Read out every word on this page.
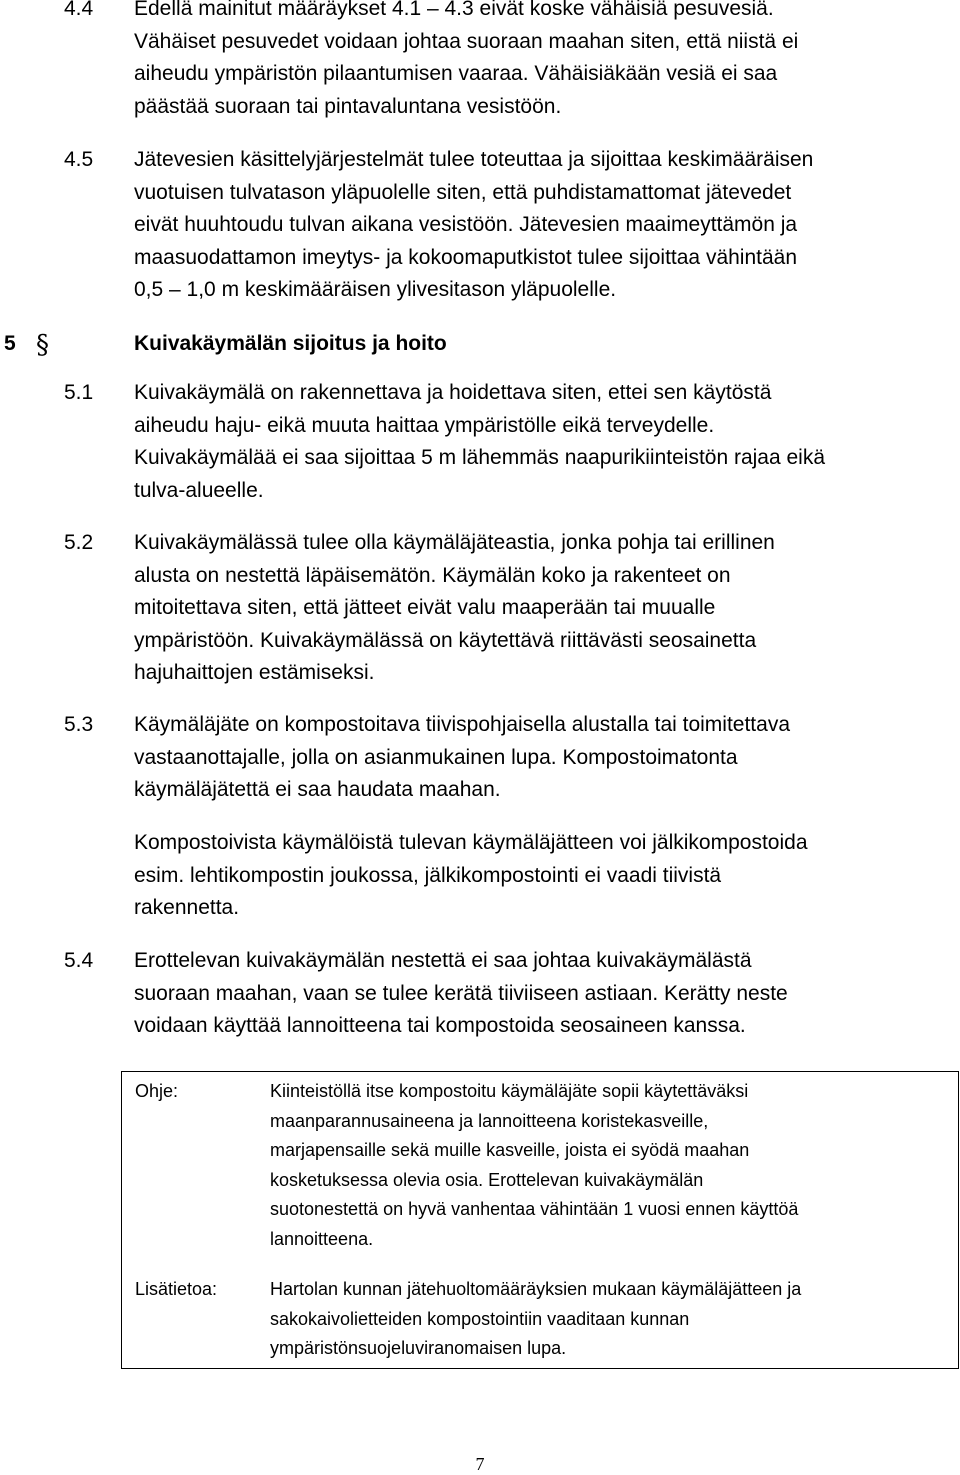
4.4 Edellä mainitut määräykset 4.1 – 4.3 eivät koske vähäisiä pesuvesiä.
Vähäiset pesuvedet voidaan johtaa suoraan maahan siten, että niistä ei
aiheudu ympäristön pilaantumisen vaaraa. Vähäisiäkään vesiä ei saa
päästää suoraan tai pintavaluntana vesistöön.
4.5 Jätevesien käsittelyjärjestelmät tulee toteuttaa ja sijoittaa keskimääräisen
vuotuisen tulvatason yläpuolelle siten, että puhdistamattomat jätevedet
eivät huuhtoudu tulvan aikana vesistöön. Jätevesien maaimeyttämön ja
maasuodattamon imeytys- ja kokoomaputkistot tulee sijoittaa vähintään
0,5 – 1,0 m keskimääräisen ylivesitason yläpuolelle.
5 §	Kuivakäymälän sijoitus ja hoito
5.1 Kuivakäymälä on rakennettava ja hoidettava siten, ettei sen käytöstä
aiheudu haju- eikä muuta haittaa ympäristölle eikä terveydelle.
Kuivakäymälää ei saa sijoittaa 5 m lähemmäs naapurikiinteistön rajaa eikä
tulva-alueelle.
5.2 Kuivakäymälässä tulee olla käymäläjäteastia, jonka pohja tai erillinen
alusta on nestettä läpäisemätön. Käymälän koko ja rakenteet on
mitoitettava siten, että jätteet eivät valu maaperään tai muualle
ympäristöön. Kuivakäymälässä on käytettävä riittävästi seosainetta
hajuhaittojen estämiseksi.
5.3 Käymäläjäte on kompostoitava tiivispohjaisella alustalla tai toimitettava
vastaanottajalle, jolla on asianmukainen lupa. Kompostoimatonta
käymäläjätettä ei saa haudata maahan.
Kompostoivista käymälöistä tulevan käymäläjätteen voi jälkikompostoida
esim. lehtikompostin joukossa, jälkikompostointi ei vaadi tiivistä
rakennetta.
5.4 Erottelevan kuivakäymälän nestettä ei saa johtaa kuivakäymälästä
suoraan maahan, vaan se tulee kerätä tiiviiseen astiaan. Kerätty neste
voidaan käyttää lannoitteena tai kompostoida seosaineen kanssa.
Ohje:	Kiinteistöllä itse kompostoitu käymäläjäte sopii käytettäväksi
maanparannusaineena ja lannoitteena koristekasveille,
marjapensaille sekä muille kasveille, joista ei syödä maahan
kosketuksessa olevia osia. Erottelevan kuivakäymälän
suotonestettä on hyvä vanhentaa vähintään 1 vuosi ennen käyttöä
lannoitteena.
Lisätietoa:	Hartolan kunnan jätehuoltomääräyksien mukaan käymäläjätteen ja
sakokaivolietteiden kompostointiin vaaditaan kunnan
ympäristönsuojeluviranomaisen lupa.
7
